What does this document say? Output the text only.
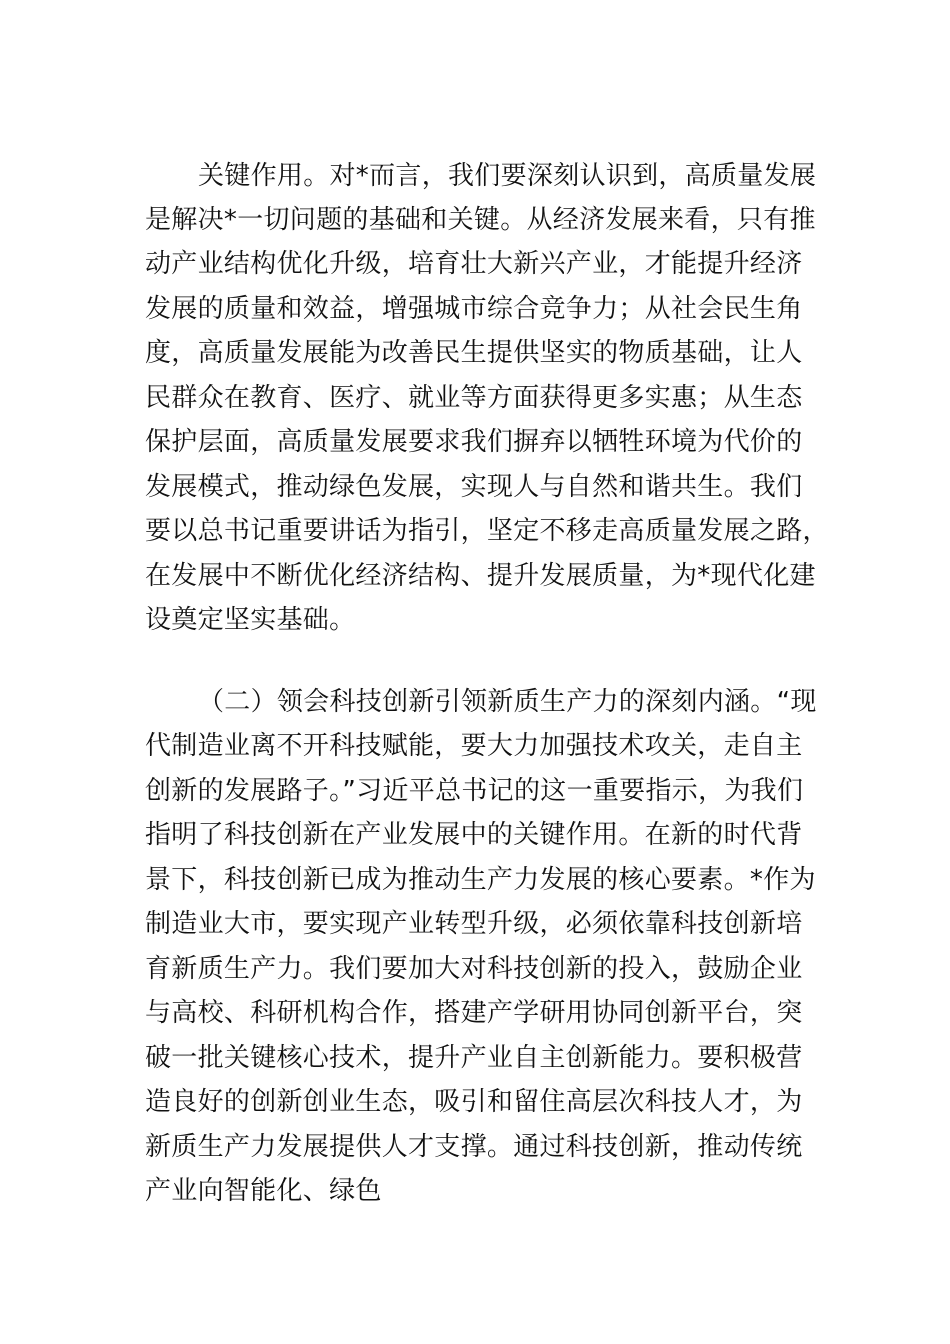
关键作用。对*而言，我们要深刻认识到，高质量发展
是解决*一切问题的基础和关键。从经济发展来看，只有推
动产业结构优化升级，培育壮大新兴产业，才能提升经济
发展的质量和效益，增强城市综合竞争力；从社会民生角
度，高质量发展能为改善民生提供坚实的物质基础，让人
民群众在教育、医疗、就业等方面获得更多实惠；从生态
保护层面，高质量发展要求我们摒弃以牺牲环境为代价的
发展模式，推动绿色发展，实现人与自然和谐共生。我们
要以总书记重要讲话为指引，坚定不移走高质量发展之路，
在发展中不断优化经济结构、提升发展质量，为*现代化建
设奠定坚实基础。
（二）领会科技创新引领新质生产力的深刻内涵。“现
代制造业离不开科技赋能，要大力加强技术攻关，走自主
创新的发展路子。”习近平总书记的这一重要指示，为我们
指明了科技创新在产业发展中的关键作用。在新的时代背
景下，科技创新已成为推动生产力发展的核心要素。*作为
制造业大市，要实现产业转型升级，必须依靠科技创新培
育新质生产力。我们要加大对科技创新的投入，鼓励企业
与高校、科研机构合作，搭建产学研用协同创新平台，突
破一批关键核心技术，提升产业自主创新能力。要积极营
造良好的创新创业生态，吸引和留住高层次科技人才，为
新质生产力发展提供人才支撑。通过科技创新，推动传统
产业向智能化、绿色
